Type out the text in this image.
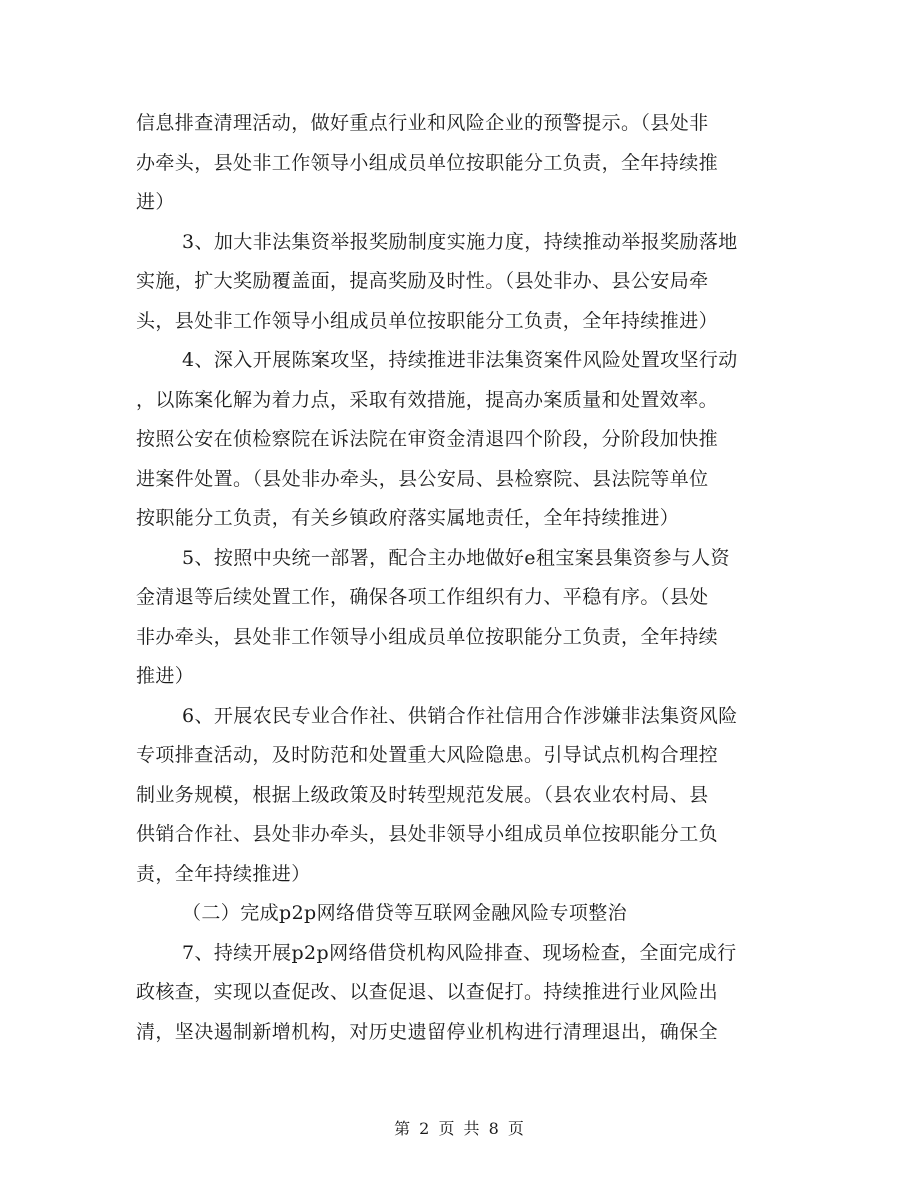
信息排查清理活动，做好重点行业和风险企业的预警提示。（县处非
办牵头，县处非工作领导小组成员单位按职能分工负责，全年持续推
进）
3、加大非法集资举报奖励制度实施力度，持续推动举报奖励落地
实施，扩大奖励覆盖面，提高奖励及时性。（县处非办、县公安局牵
头，县处非工作领导小组成员单位按职能分工负责，全年持续推进）
4、深入开展陈案攻坚，持续推进非法集资案件风险处置攻坚行动
，以陈案化解为着力点，采取有效措施，提高办案质量和处置效率。
按照公安在侦检察院在诉法院在审资金清退四个阶段，分阶段加快推
进案件处置。（县处非办牵头，县公安局、县检察院、县法院等单位
按职能分工负责，有关乡镇政府落实属地责任，全年持续推进）
5、按照中央统一部署，配合主办地做好e租宝案县集资参与人资
金清退等后续处置工作，确保各项工作组织有力、平稳有序。（县处
非办牵头，县处非工作领导小组成员单位按职能分工负责，全年持续
推进）
6、开展农民专业合作社、供销合作社信用合作涉嫌非法集资风险
专项排查活动，及时防范和处置重大风险隐患。引导试点机构合理控
制业务规模，根据上级政策及时转型规范发展。（县农业农村局、县
供销合作社、县处非办牵头，县处非领导小组成员单位按职能分工负
责，全年持续推进）
（二）完成p2p网络借贷等互联网金融风险专项整治
7、持续开展p2p网络借贷机构风险排查、现场检查，全面完成行
政核查，实现以查促改、以查促退、以查促打。持续推进行业风险出
清，坚决遏制新增机构，对历史遗留停业机构进行清理退出，确保全
第 2 页 共 8 页
